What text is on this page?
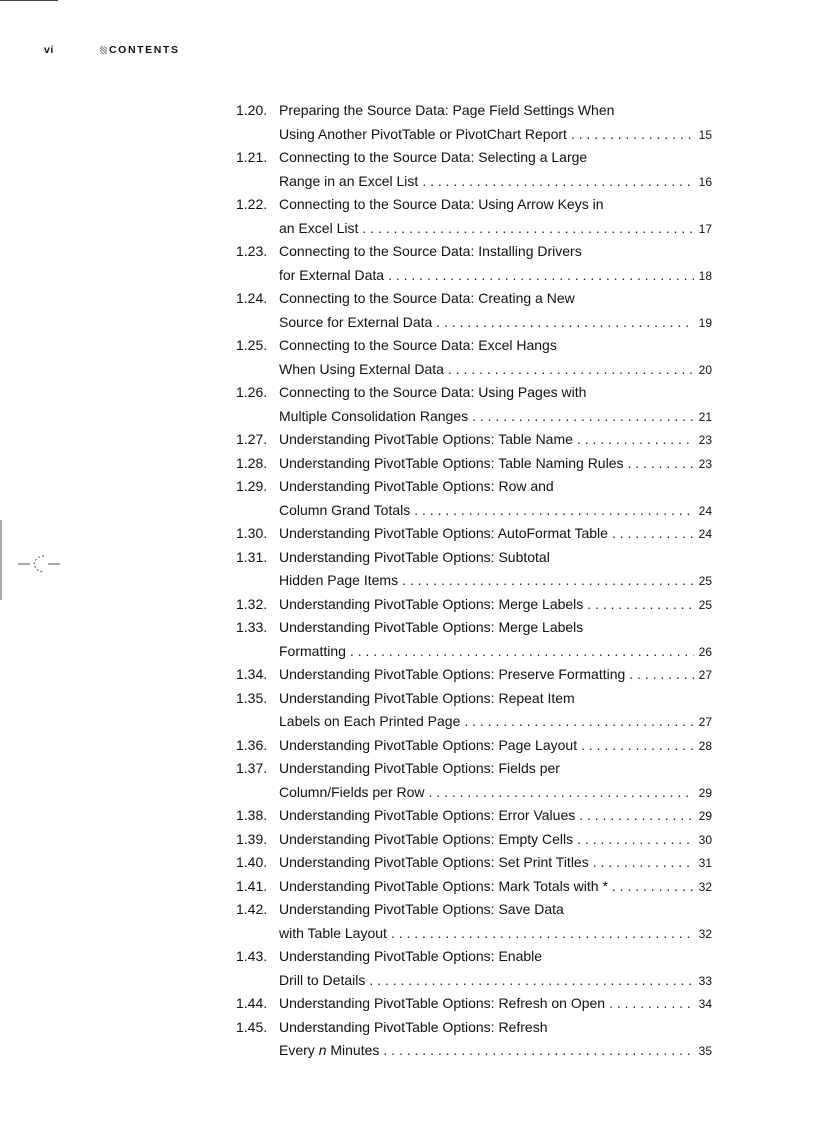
vi	CONTENTS
1.20. Preparing the Source Data: Page Field Settings When
Using Another PivotTable or PivotChart Report . . .	15
1.21. Connecting to the Source Data: Selecting a Large
Range in an Excel List . . .	16
1.22. Connecting to the Source Data: Using Arrow Keys in
an Excel List . . .	17
1.23. Connecting to the Source Data: Installing Drivers
for External Data . . .	18
1.24. Connecting to the Source Data: Creating a New
Source for External Data . . .	19
1.25. Connecting to the Source Data: Excel Hangs
When Using External Data . . .	20
1.26. Connecting to the Source Data: Using Pages with
Multiple Consolidation Ranges . . .	21
1.27. Understanding PivotTable Options: Table Name . . .	23
1.28. Understanding PivotTable Options: Table Naming Rules . . .	23
1.29. Understanding PivotTable Options: Row and
Column Grand Totals . . .	24
1.30. Understanding PivotTable Options: AutoFormat Table . . .	24
1.31. Understanding PivotTable Options: Subtotal
Hidden Page Items . . .	25
1.32. Understanding PivotTable Options: Merge Labels . . .	25
1.33. Understanding PivotTable Options: Merge Labels
Formatting . . .	26
1.34. Understanding PivotTable Options: Preserve Formatting . . .	27
1.35. Understanding PivotTable Options: Repeat Item
Labels on Each Printed Page . . .	27
1.36. Understanding PivotTable Options: Page Layout . . .	28
1.37. Understanding PivotTable Options: Fields per
Column/Fields per Row . . .	29
1.38. Understanding PivotTable Options: Error Values . . .	29
1.39. Understanding PivotTable Options: Empty Cells . . .	30
1.40. Understanding PivotTable Options: Set Print Titles . . .	31
1.41. Understanding PivotTable Options: Mark Totals with * . . .	32
1.42. Understanding PivotTable Options: Save Data
with Table Layout . . .	32
1.43. Understanding PivotTable Options: Enable
Drill to Details . . .	33
1.44. Understanding PivotTable Options: Refresh on Open . . .	34
1.45. Understanding PivotTable Options: Refresh
Every n Minutes . . .	35
